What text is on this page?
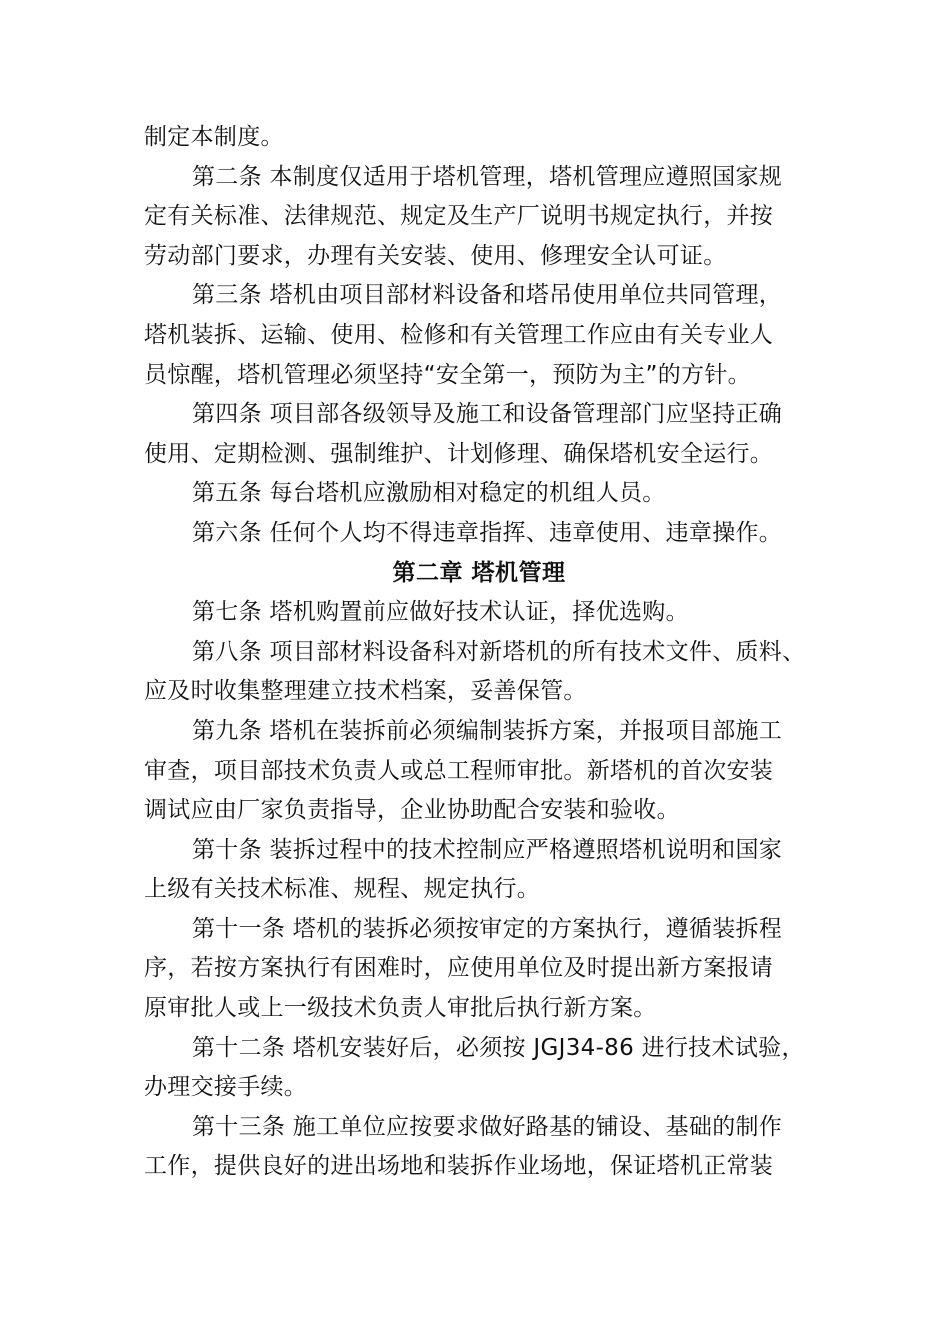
制定本制度。
第二条 本制度仅适用于塔机管理，塔机管理应遵照国家规
定有关标准、法律规范、规定及生产厂说明书规定执行，并按
劳动部门要求，办理有关安装、使用、修理安全认可证。
第三条 塔机由项目部材料设备和塔吊使用单位共同管理，
塔机装拆、运输、使用、检修和有关管理工作应由有关专业人
员惊醒，塔机管理必须坚持“安全第一，预防为主”的方针。
第四条 项目部各级领导及施工和设备管理部门应坚持正确
使用、定期检测、强制维护、计划修理、确保塔机安全运行。
第五条 每台塔机应激励相对稳定的机组人员。
第六条 任何个人均不得违章指挥、违章使用、违章操作。
第二章 塔机管理
第七条 塔机购置前应做好技术认证，择优选购。
第八条 项目部材料设备科对新塔机的所有技术文件、质料、
应及时收集整理建立技术档案，妥善保管。
第九条 塔机在装拆前必须编制装拆方案，并报项目部施工
审查，项目部技术负责人或总工程师审批。新塔机的首次安装
调试应由厂家负责指导，企业协助配合安装和验收。
第十条 装拆过程中的技术控制应严格遵照塔机说明和国家
上级有关技术标准、规程、规定执行。
第十一条 塔机的装拆必须按审定的方案执行，遵循装拆程
序，若按方案执行有困难时，应使用单位及时提出新方案报请
原审批人或上一级技术负责人审批后执行新方案。
第十二条 塔机安装好后，必须按 JGJ34-86 进行技术试验，
办理交接手续。
第十三条 施工单位应按要求做好路基的铺设、基础的制作
工作，提供良好的进出场地和装拆作业场地，保证塔机正常装
